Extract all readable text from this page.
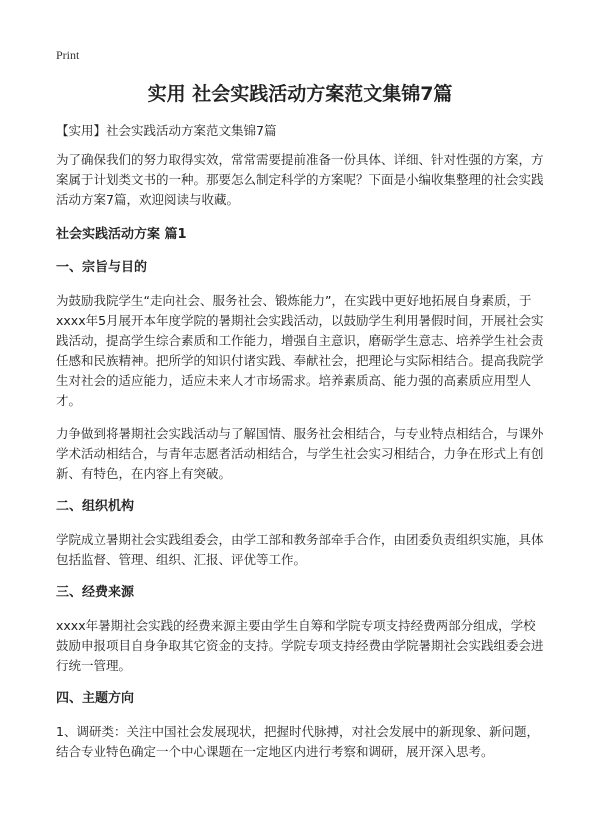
Print
实用 社会实践活动方案范文集锦7篇

【实用】社会实践活动方案范文集锦7篇

为了确保我们的努力取得实效，常常需要提前准备一份具体、详细、针对性强的方案，方案属于计划类文书的一种。那要怎么制定科学的方案呢？下面是小编收集整理的社会实践活动方案7篇，欢迎阅读与收藏。

社会实践活动方案 篇1
一、宗旨与目的

为鼓励我院学生“走向社会、服务社会、锻炼能力”，在实践中更好地拓展自身素质，于xxxx年5月展开本年度学院的暑期社会实践活动，以鼓励学生利用暑假时间，开展社会实践活动，提高学生综合素质和工作能力，增强自主意识，磨砺学生意志、培养学生社会责任感和民族精神。把所学的知识付诸实践、奉献社会，把理论与实际相结合。提高我院学生对社会的适应能力，适应未来人才市场需求。培养素质高、能力强的高素质应用型人才。

力争做到将暑期社会实践活动与了解国情、服务社会相结合，与专业特点相结合，与课外学术活动相结合，与青年志愿者活动相结合，与学生社会实习相结合，力争在形式上有创新、有特色，在内容上有突破。

二、组织机构

学院成立暑期社会实践组委会，由学工部和教务部牵手合作，由团委负责组织实施，具体包括监督、管理、组织、汇报、评优等工作。

三、经费来源

xxxx年暑期社会实践的经费来源主要由学生自筹和学院专项支持经费两部分组成，学校鼓励申报项目自身争取其它资金的支持。学院专项支持经费由学院暑期社会实践组委会进行统一管理。

四、主题方向

1、调研类：关注中国社会发展现状，把握时代脉搏，对社会发展中的新现象、新问题，结合专业特色确定一个中心课题在一定地区内进行考察和调研，展开深入思考。
